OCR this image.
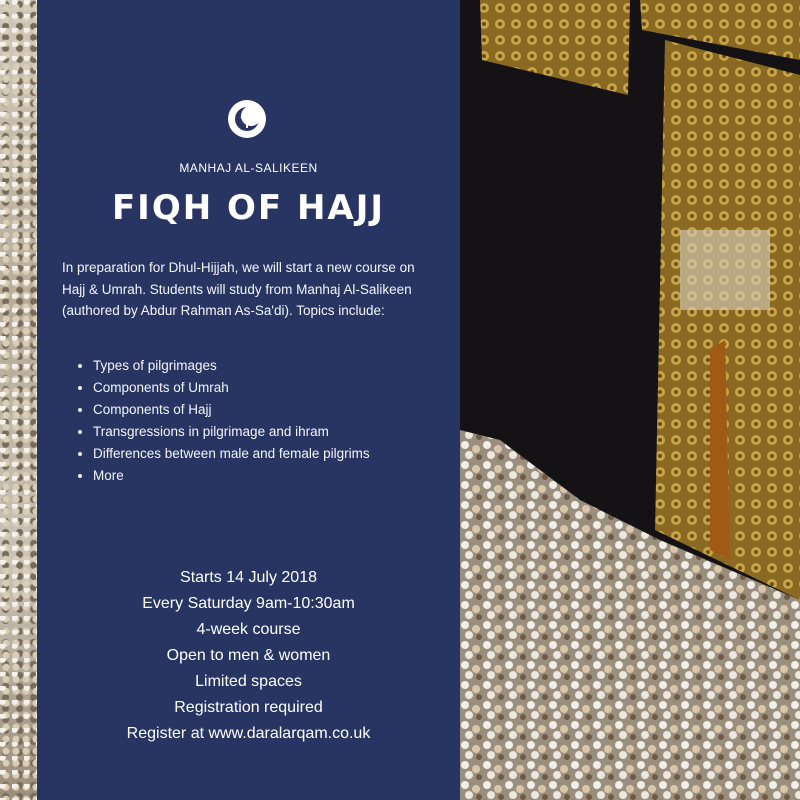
MANHAJ AL-SALIKEEN
FIQH OF HAJJ
In preparation for Dhul-Hijjah, we will start a new course on Hajj & Umrah. Students will study from Manhaj Al-Salikeen (authored by Abdur Rahman As-Sa'di). Topics include:
• Types of pilgrimages
• Components of Umrah
• Components of Hajj
• Transgressions in pilgrimage and ihram
• Differences between male and female pilgrims
• More
Starts 14 July 2018
Every Saturday 9am-10:30am
4-week course
Open to men & women
Limited spaces
Registration required
Register at www.daralarqam.co.uk
